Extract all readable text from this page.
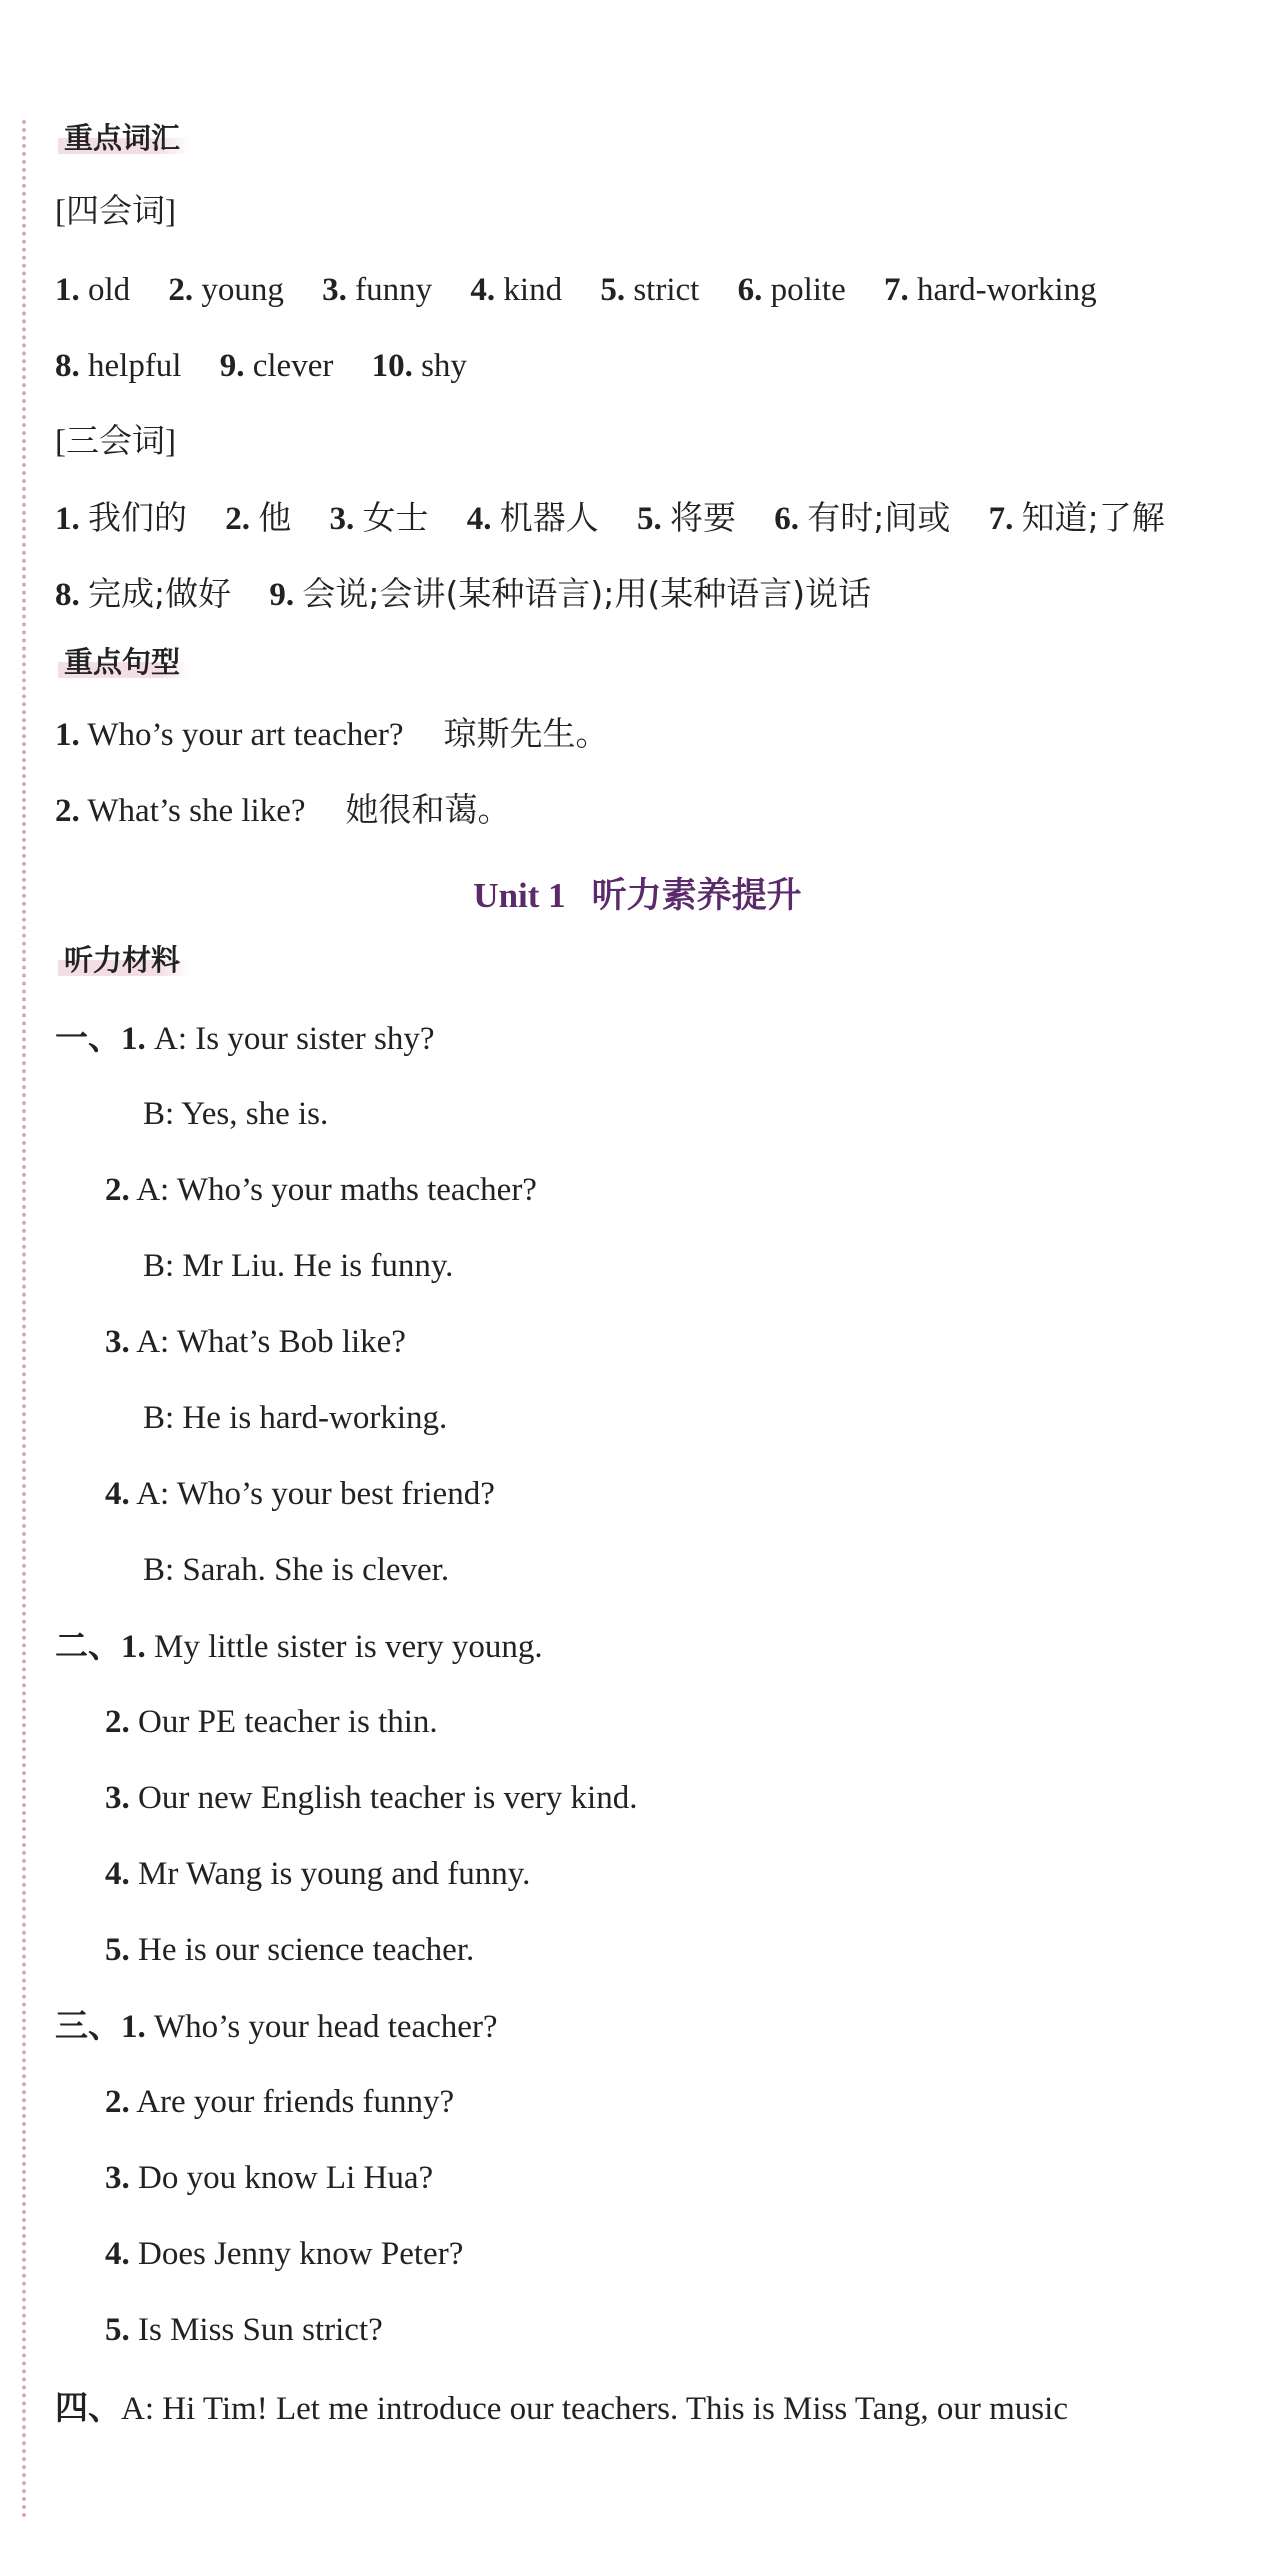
重点词汇
[四会词]
1. old 2. young 3. funny 4. kind 5. strict 6. polite 7. hard-working
8. helpful 9. clever 10. shy
[三会词]
1. 我们的 2. 他 3. 女士 4. 机器人 5. 将要 6. 有时;间或 7. 知道;了解
8. 完成;做好 9. 会说;会讲(某种语言);用(某种语言)说话
重点句型
1. Who’s your art teacher? 琼斯先生。
2. What’s she like? 她很和蔼。
Unit 1 听力素养提升
听力材料
一、1. A: Is your sister shy?
B: Yes, she is.
2. A: Who’s your maths teacher?
B: Mr Liu. He is funny.
3. A: What’s Bob like?
B: He is hard-working.
4. A: Who’s your best friend?
B: Sarah. She is clever.
二、1. My little sister is very young.
2. Our PE teacher is thin.
3. Our new English teacher is very kind.
4. Mr Wang is young and funny.
5. He is our science teacher.
三、1. Who’s your head teacher?
2. Are your friends funny?
3. Do you know Li Hua?
4. Does Jenny know Peter?
5. Is Miss Sun strict?
四、A: Hi Tim! Let me introduce our teachers. This is Miss Tang, our music
